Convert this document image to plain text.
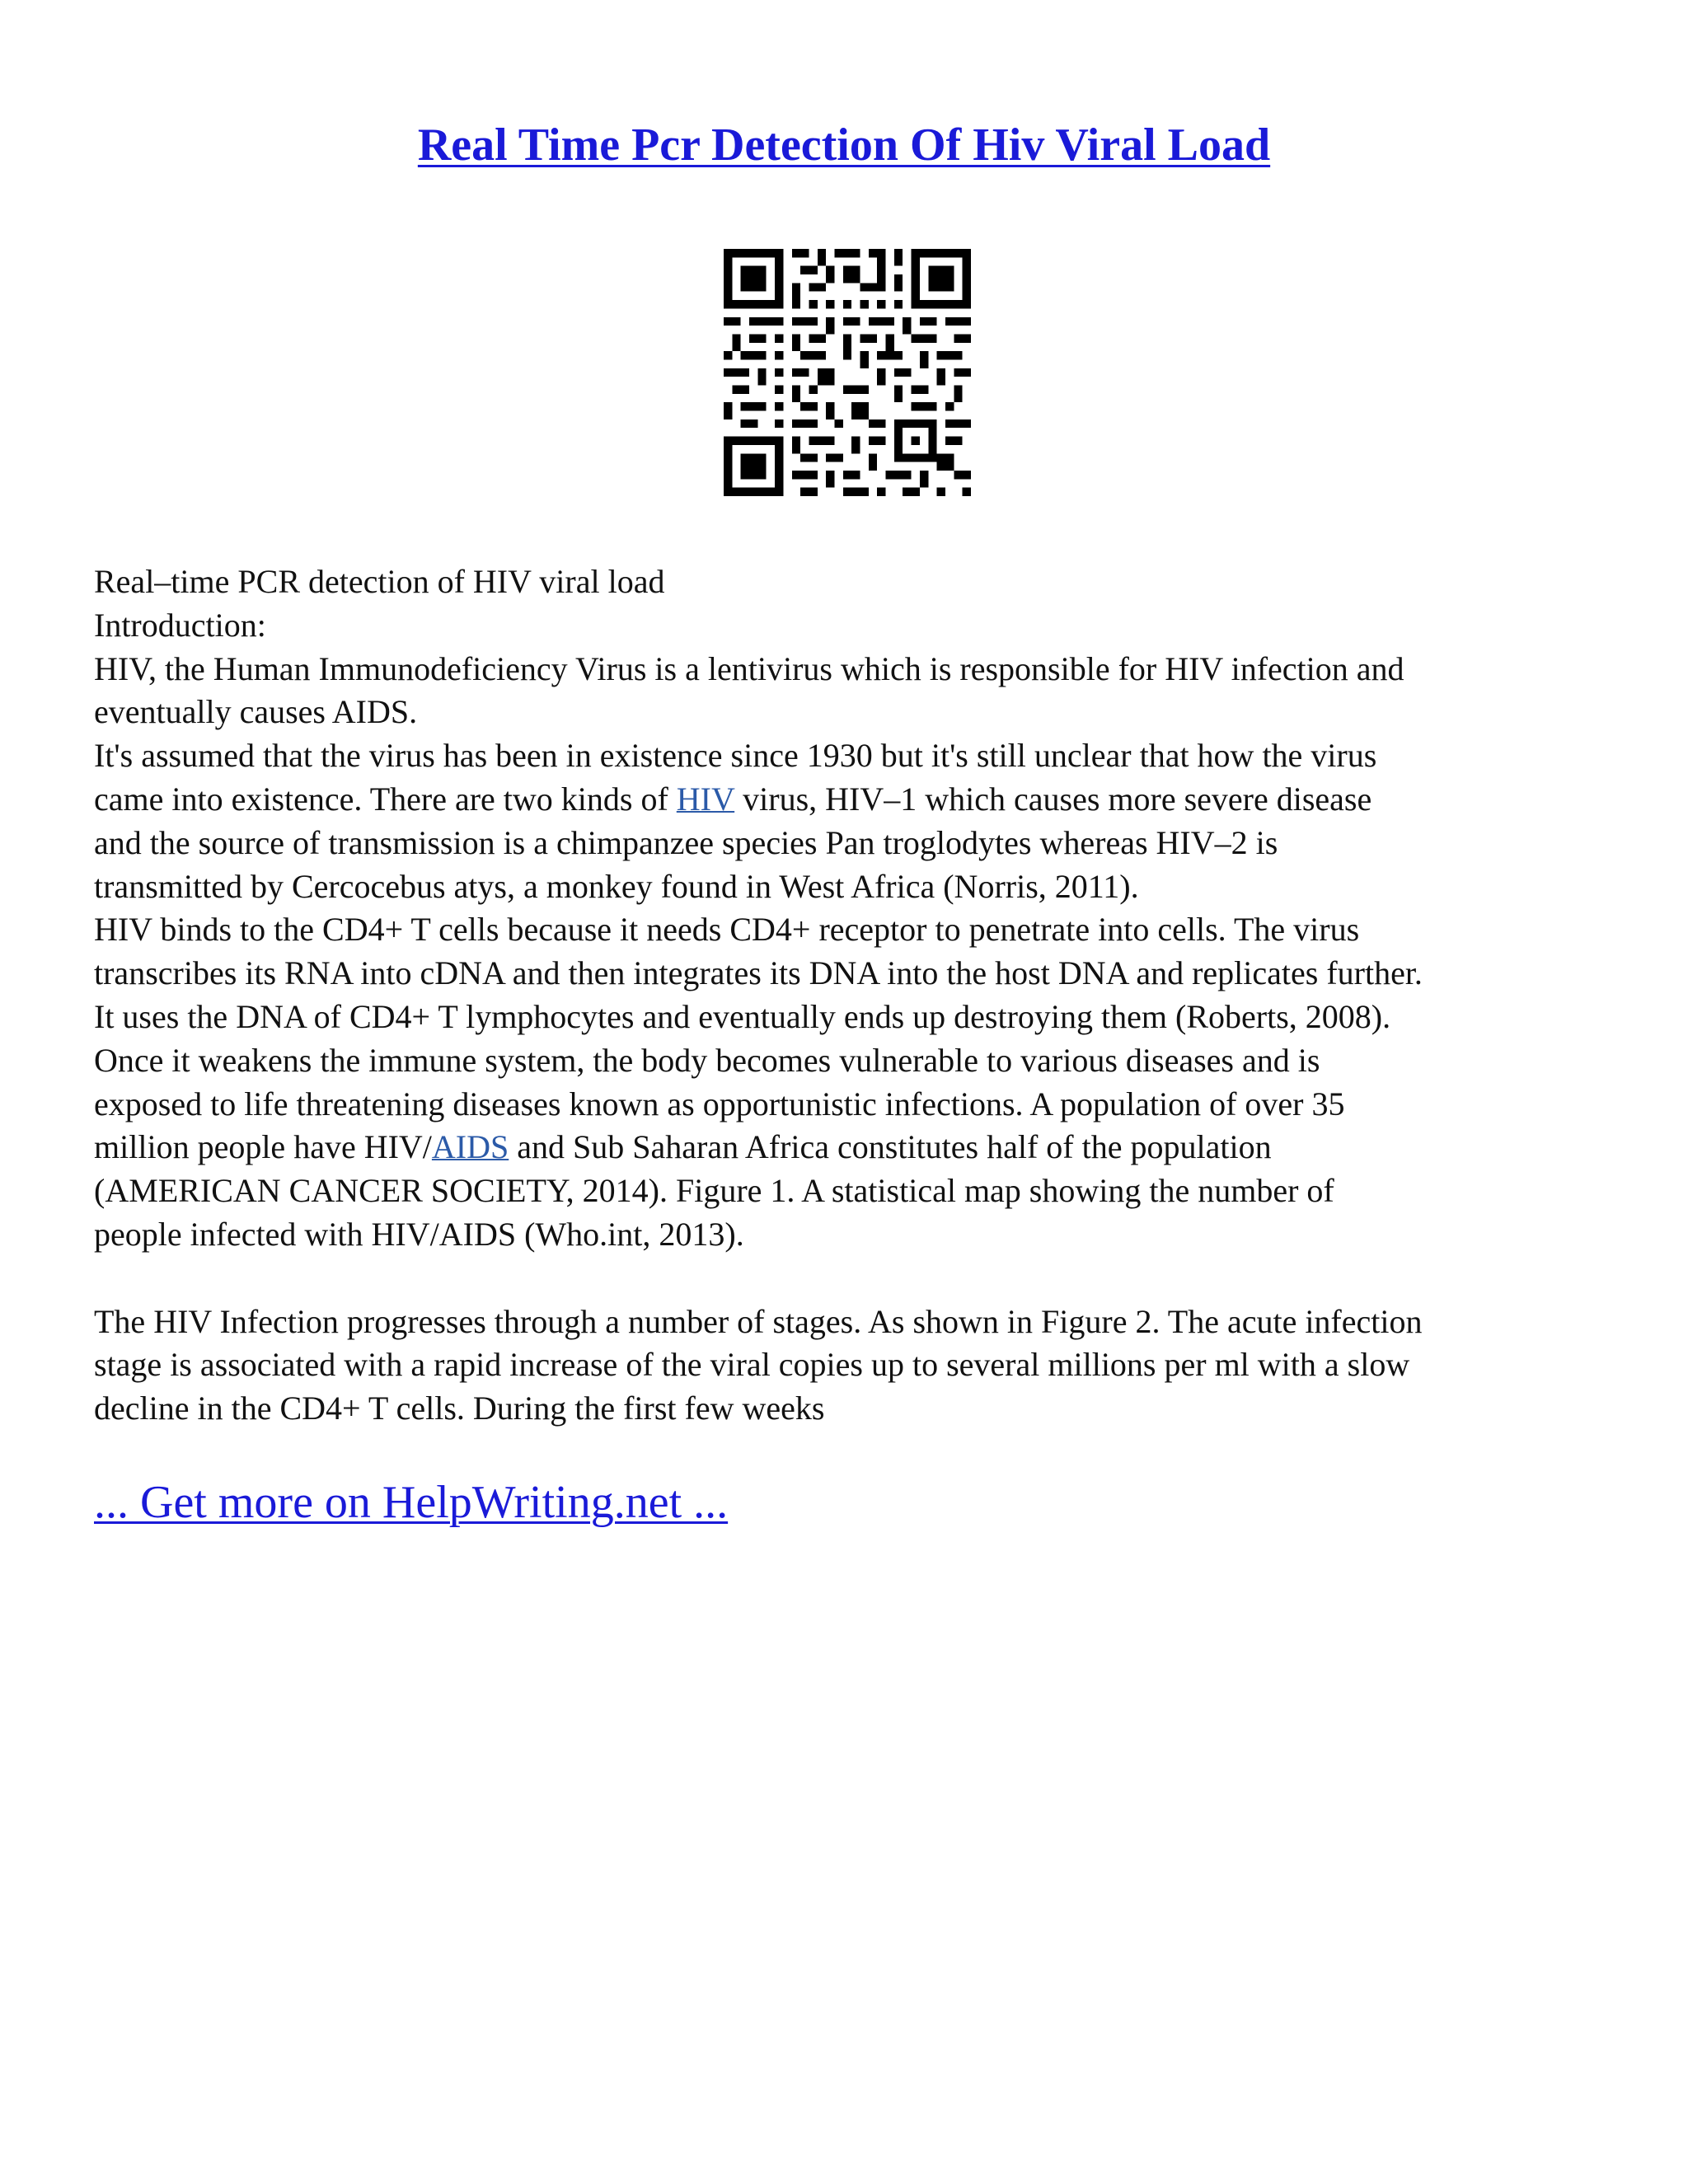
Real Time Pcr Detection Of Hiv Viral Load
Real–time PCR detection of HIV viral load
Introduction:
HIV, the Human Immunodeficiency Virus is a lentivirus which is responsible for HIV infection and
eventually causes AIDS.
It's assumed that the virus has been in existence since 1930 but it's still unclear that how the virus
came into existence. There are two kinds of HIV virus, HIV–1 which causes more severe disease
and the source of transmission is a chimpanzee species Pan troglodytes whereas HIV–2 is
transmitted by Cercocebus atys, a monkey found in West Africa (Norris, 2011).
HIV binds to the CD4+ T cells because it needs CD4+ receptor to penetrate into cells. The virus
transcribes its RNA into cDNA and then integrates its DNA into the host DNA and replicates further.
It uses the DNA of CD4+ T lymphocytes and eventually ends up destroying them (Roberts, 2008).
Once it weakens the immune system, the body becomes vulnerable to various diseases and is
exposed to life threatening diseases known as opportunistic infections. A population of over 35
million people have HIV/AIDS and Sub Saharan Africa constitutes half of the population
(AMERICAN CANCER SOCIETY, 2014). Figure 1. A statistical map showing the number of
people infected with HIV/AIDS (Who.int, 2013).
The HIV Infection progresses through a number of stages. As shown in Figure 2. The acute infection
stage is associated with a rapid increase of the viral copies up to several millions per ml with a slow
decline in the CD4+ T cells. During the first few weeks
... Get more on HelpWriting.net ...
